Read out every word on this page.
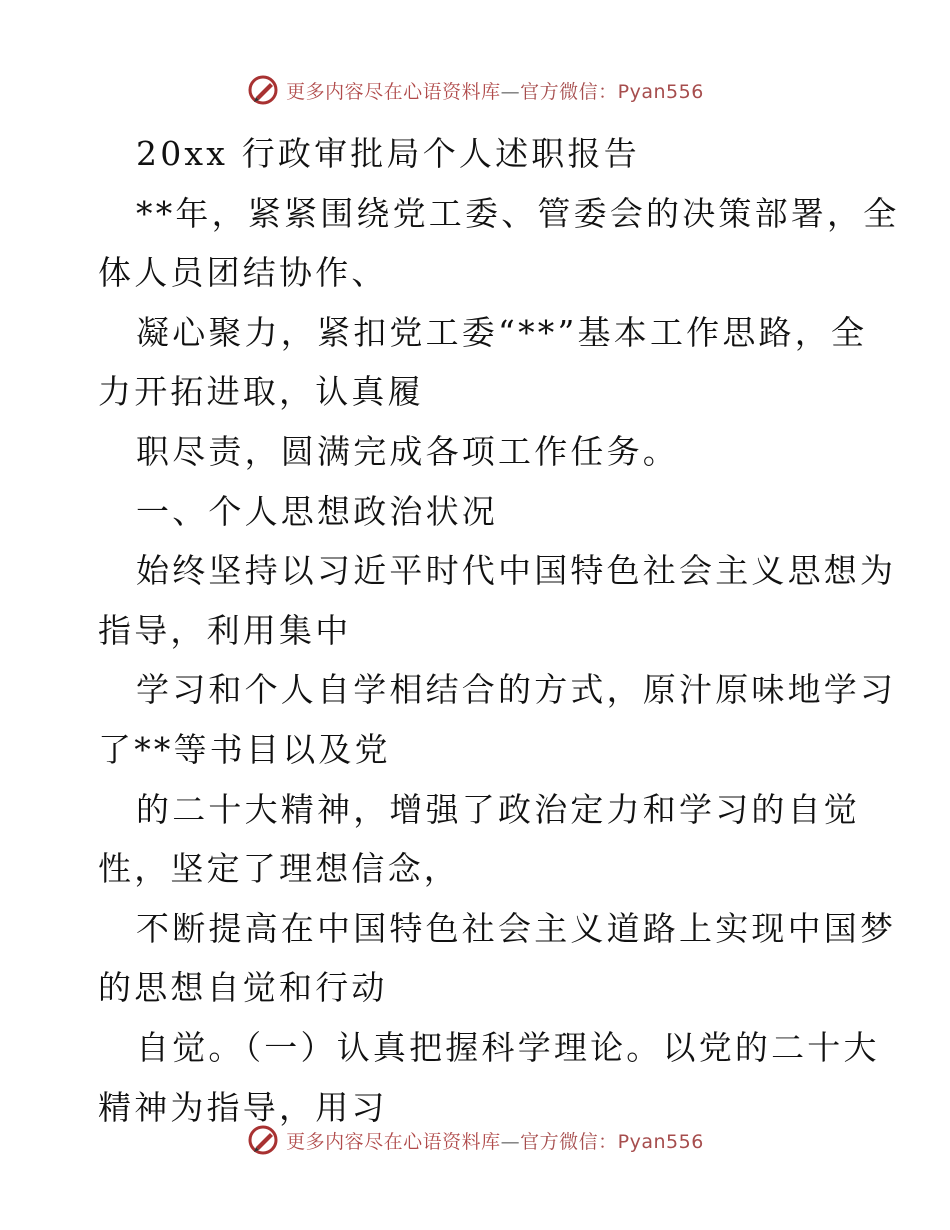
更多内容尽在心语资料库—官方微信：Pyan556
20xx 行政审批局个人述职报告
**年，紧紧围绕党工委、管委会的决策部署，全
体人员团结协作、
凝心聚力，紧扣党工委“**”基本工作思路，全
力开拓进取，认真履
职尽责，圆满完成各项工作任务。
一、个人思想政治状况
始终坚持以习近平时代中国特色社会主义思想为
指导，利用集中
学习和个人自学相结合的方式，原汁原味地学习
了**等书目以及党
的二十大精神，增强了政治定力和学习的自觉
性，坚定了理想信念，
不断提高在中国特色社会主义道路上实现中国梦
的思想自觉和行动
自觉。（一）认真把握科学理论。以党的二十大
精神为指导，用习
更多内容尽在心语资料库—官方微信：Pyan556
